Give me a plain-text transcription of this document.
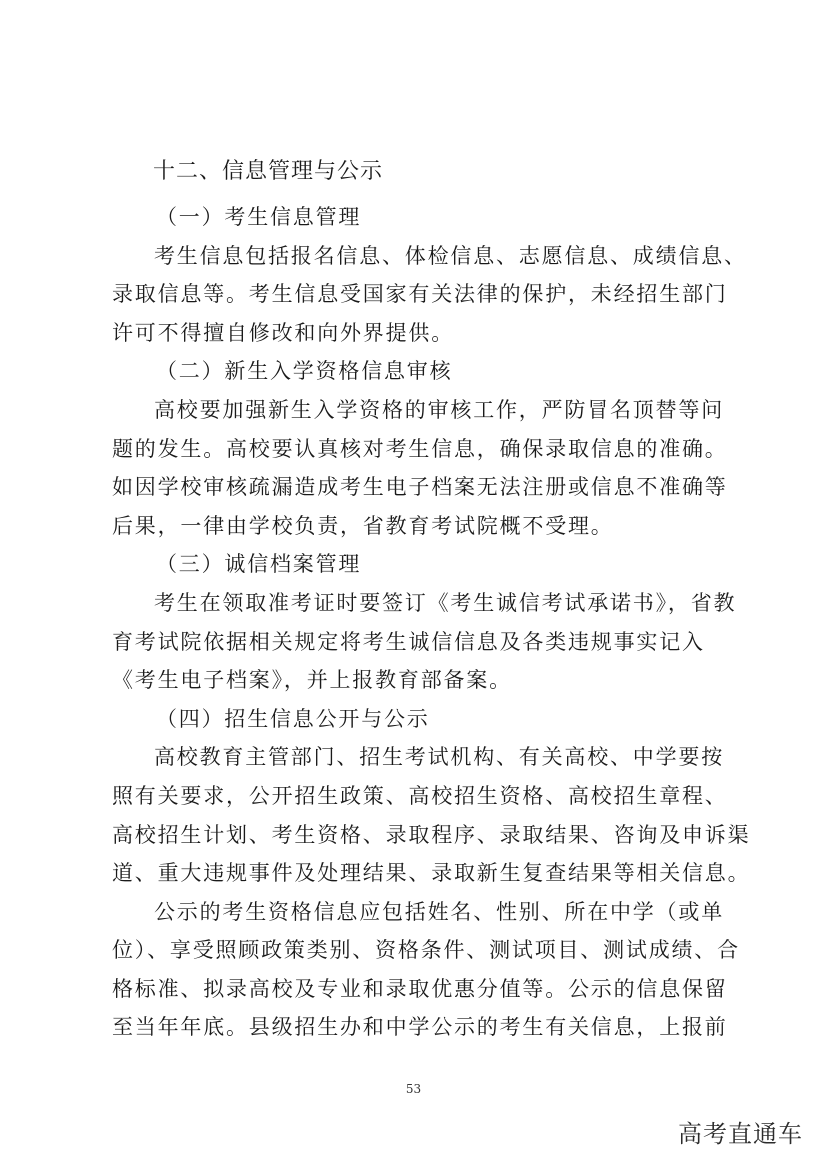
十二、信息管理与公示
（一）考生信息管理
考生信息包括报名信息、体检信息、志愿信息、成绩信息、
录取信息等。考生信息受国家有关法律的保护，未经招生部门
许可不得擅自修改和向外界提供。
（二）新生入学资格信息审核
高校要加强新生入学资格的审核工作，严防冒名顶替等问
题的发生。高校要认真核对考生信息，确保录取信息的准确。
如因学校审核疏漏造成考生电子档案无法注册或信息不准确等
后果，一律由学校负责，省教育考试院概不受理。
（三）诚信档案管理
考生在领取准考证时要签订《考生诚信考试承诺书》，省教
育考试院依据相关规定将考生诚信信息及各类违规事实记入
《考生电子档案》，并上报教育部备案。
（四）招生信息公开与公示
高校教育主管部门、招生考试机构、有关高校、中学要按
照有关要求，公开招生政策、高校招生资格、高校招生章程、
高校招生计划、考生资格、录取程序、录取结果、咨询及申诉渠
道、重大违规事件及处理结果、录取新生复查结果等相关信息。
公示的考生资格信息应包括姓名、性别、所在中学（或单
位）、享受照顾政策类别、资格条件、测试项目、测试成绩、合
格标准、拟录高校及专业和录取优惠分值等。公示的信息保留
至当年年底。县级招生办和中学公示的考生有关信息，上报前
53
高考直通车
